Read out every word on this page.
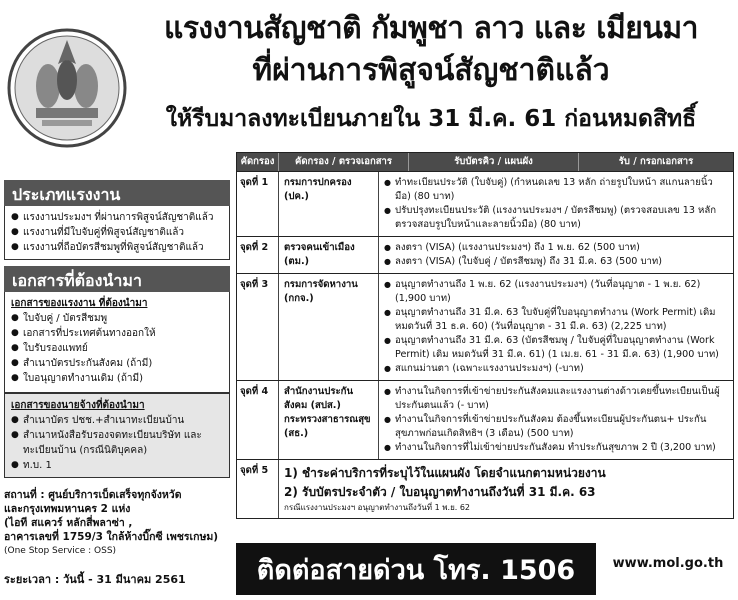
แรงงานสัญชาติ กัมพูชา ลาว และ เมียนมา
ที่ผ่านการพิสูจน์สัญชาติแล้ว
ให้รีบมาลงทะเบียนภายใน 31 มี.ค. 61 ก่อนหมดสิทธิ์
ประเภทแรงงาน
● แรงงานประมงฯ ที่ผ่านการพิสูจน์สัญชาติแล้ว
● แรงงานที่มีใบจับคู่ที่พิสูจน์สัญชาติแล้ว
● แรงงานที่ถือบัตรสีชมพูที่พิสูจน์สัญชาติแล้ว
เอกสารที่ต้องนำมา
เอกสารของแรงงาน ที่ต้องนำมา
● ใบจับคู่ / บัตรสีชมพู
● เอกสารที่ประเทศต้นทางออกให้
● ใบรับรองแพทย์
● สำเนาบัตรประกันสังคม (ถ้ามี)
● ใบอนุญาตทำงานเดิม (ถ้ามี)
เอกสารของนายจ้างที่ต้องนำมา
● สำเนาบัตร ปชช.+สำเนาทะเบียนบ้าน
● สำเนาหนังสือรับรองจดทะเบียนบริษัท และทะเบียนบ้าน (กรณีนิติบุคคล)
● ท.บ. 1
สถานที่ : ศูนย์บริการเบ็ดเสร็จทุกจังหวัด
และกรุงเทพมหานคร 2 แห่ง
(ไอที สแควร์ หลักสี่พลาซ่า ,
อาคารเลขที่ 1759/3 ใกล้ห้างบิ๊กซี เพชรเกษม)
(One Stop Service : OSS)
ระยะเวลา : วันนี้ - 31 มีนาคม 2561
คัดกรอง	คัดกรอง / ตรวจเอกสาร	รับบัตรคิว / แผนผัง	รับ / กรอกเอกสาร
จุดที่ 1	กรมการปกครอง (ปค.)
● ทำทะเบียนประวัติ (ใบจับคู่) (กำหนดเลข 13 หลัก ถ่ายรูปใบหน้า สแกนลายนิ้วมือ) (80 บาท)
● ปรับปรุงทะเบียนประวัติ (แรงงานประมงฯ / บัตรสีชมพู) (ตรวจสอบเลข 13 หลัก ตรวจสอบรูปใบหน้าและลายนิ้วมือ) (80 บาท)
จุดที่ 2	ตรวจคนเข้าเมือง (ตม.)
● ลงตรา (VISA) (แรงงานประมงฯ) ถึง 1 พ.ย. 62 (500 บาท)
● ลงตรา (VISA) (ใบจับคู่ / บัตรสีชมพู) ถึง 31 มี.ค. 63 (500 บาท)
จุดที่ 3	กรมการจัดหางาน (กกจ.)
● อนุญาตทำงานถึง 1 พ.ย. 62 (แรงงานประมงฯ) (วันที่อนุญาต - 1 พ.ย. 62) (1,900 บาท)
● อนุญาตทำงานถึง 31 มี.ค. 63 ใบจับคู่ที่ใบอนุญาตทำงาน (Work Permit) เดิมหมดวันที่ 31 ธ.ค. 60) (วันที่อนุญาต - 31 มี.ค. 63) (2,225 บาท)
● อนุญาตทำงานถึง 31 มี.ค. 63 (บัตรสีชมพู / ใบจับคู่ที่ใบอนุญาตทำงาน (Work Permit) เดิม หมดวันที่ 31 มี.ค. 61) (1 เม.ย. 61 - 31 มี.ค. 63) (1,900 บาท)
● สแกนม่านตา (เฉพาะแรงงานประมงฯ) (-บาท)
จุดที่ 4	สำนักงานประกันสังคม (สปส.)
กระทรวงสาธารณสุข (สธ.)
● ทำงานในกิจการที่เข้าข่ายประกันสังคมและแรงงานต่างด้าวเคยขึ้นทะเบียนเป็นผู้ประกันตนแล้ว (- บาท)
● ทำงานในกิจการที่เข้าข่ายประกันสังคม ต้องขึ้นทะเบียนผู้ประกันตน+ ประกันสุขภาพก่อนเกิดสิทธิฯ (3 เดือน) (500 บาท)
● ทำงานในกิจการที่ไม่เข้าข่ายประกันสังคม ทำประกันสุขภาพ 2 ปี (3,200 บาท)
จุดที่ 5	1) ชำระค่าบริการที่ระบุไว้ในแผนผัง โดยจำแนกตามหน่วยงาน
2) รับบัตรประจำตัว / ใบอนุญาตทำงานถึงวันที่ 31 มี.ค. 63
กรณีแรงงานประมงฯ อนุญาตทำงานถึงวันที่ 1 พ.ย. 62
ติดต่อสายด่วน โทร. 1506	www.mol.go.th
